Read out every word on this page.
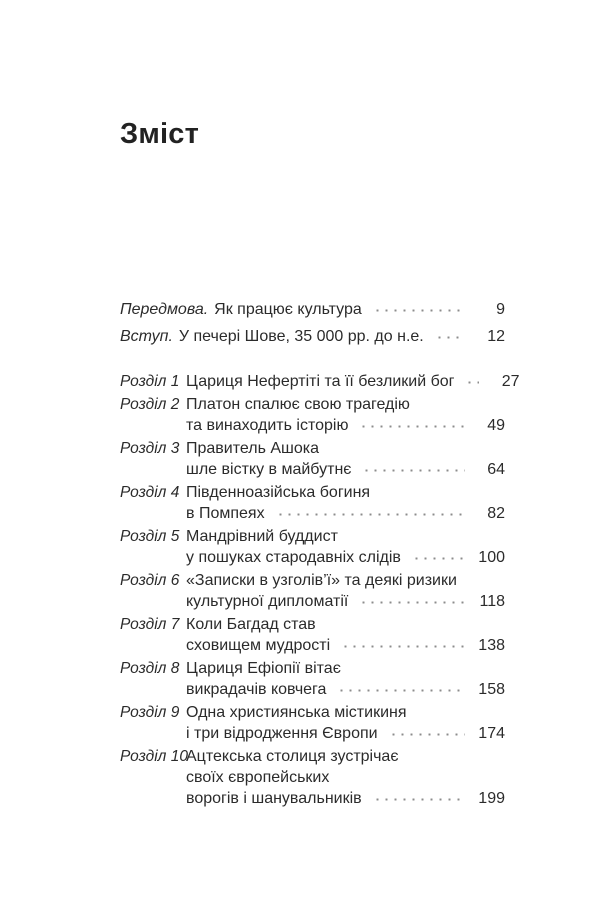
Зміст
Передмова. Як працює культура	9
Вступ. У печері Шове, 35 000 рр. до н.е.	12
Розділ 1 Цариця Нефертіті та її безликий бог	27
Розділ 2 Платон спалює свою трагедію
та винаходить історію	49
Розділ 3 Правитель Ашока
шле вістку в майбутнє	64
Розділ 4 Південноазійська богиня
в Помпеях	82
Розділ 5 Мандрівний буддист
у пошуках стародавніх слідів	100
Розділ 6 «Записки в узголів’ї» та деякі ризики
культурної дипломатії	118
Розділ 7 Коли Багдад став
сховищем мудрості	138
Розділ 8 Цариця Ефіопії вітає
викрадачів ковчега	158
Розділ 9 Одна християнська містикиня
і три відродження Європи	174
Розділ 10
Ацтекська столиця зустрічає
своїх європейських
ворогів і шанувальників	199
